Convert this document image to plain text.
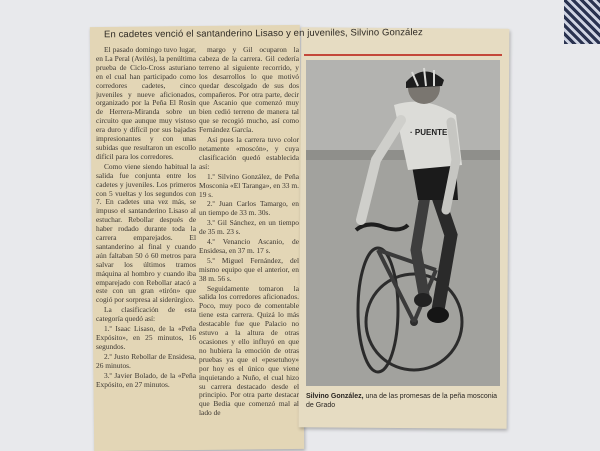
En cadetes venció el santanderino Lisaso y en juveniles, Silvino González

El pasado domingo tuvo lugar, en La Peral (Avilés), la penúltima prueba de Ciclo-Cross asturiano en el cual han participado como corredores cadetes, cinco juveniles y nueve aficionados, organizado por la Peña El Rosín de Herrera-Miranda sobre un circuito que aunque muy vistoso era duro y difícil por sus bajadas impresionantes y con unas subidas que resultaron un escollo difícil para los corredores.

Como viene siendo habitual la salida fue conjunta entre los cadetes y juveniles. Los primeros con 5 vueltas y los segundos con 7. En cadetes una vez más, se impuso el santanderino Lisaso al estuchar. Rebollar después de haber rodado durante toda la carrera emparejados. El santanderino al final y cuando aún faltaban 50 ó 60 metros para salvar los últimos tramos máquina al hombro y cuando iba emparejado con Rebollar atacó a este con un gran «tirón» que cogió por sorpresa al siderúrgico.

La clasificación de esta categoría quedó así:

1.º Isaac Lisaso, de la «Peña Expósito», en 25 minutos, 16 segundos.

2.º Justo Rebollar de Ensidesa, 26 minutos.

3.º Javier Bolado, de la «Peña Expósito, en 27 minutos.

margo y Gil ocuparon la cabeza de la carrera. Gil cedería terreno al siguiente recorrido, y los desarrollos lo que motivó quedar descolgado de sus dos compañeros. Por otra parte, decir que Ascanio que comenzó muy bien cedió terreno de manera tal que se recogió mucho, así como Fernández García.

Así pues la carrera tuvo color netamente «moscón», y cuya clasificación quedó establecida así:

1.º Silvino González, de Peña Mosconia «El Taranga», en 33 m. 19 s.

2.º Juan Carlos Tamargo, en un tiempo de 33 m. 30s.

3.º Gil Sánchez, en un tiempo de 35 m. 23 s.

4.º Venancio Ascanio, de Ensidesa, en 37 m. 17 s.

5.º Miguel Fernández, del mismo equipo que el anterior, en 38 m. 56 s.

Seguidamente tomaron la salida los corredores aficionados. Poco, muy poco de comentable tiene esta carrera. Quizá lo más destacable fue que Palacio no estuvo a la altura de otras ocasiones y ello influyó en que no hubiera la emoción de otras pruebas ya que el «pesetuhoy» por hoy es el único que viene inquietando a Nuño, el cual hizo su carrera destacado desde el principio. Por otra parte destacar que Bedia que comenzó mal al lado de

· PUENTE
Silvino González, una de las promesas de la peña mosconia de Grado
